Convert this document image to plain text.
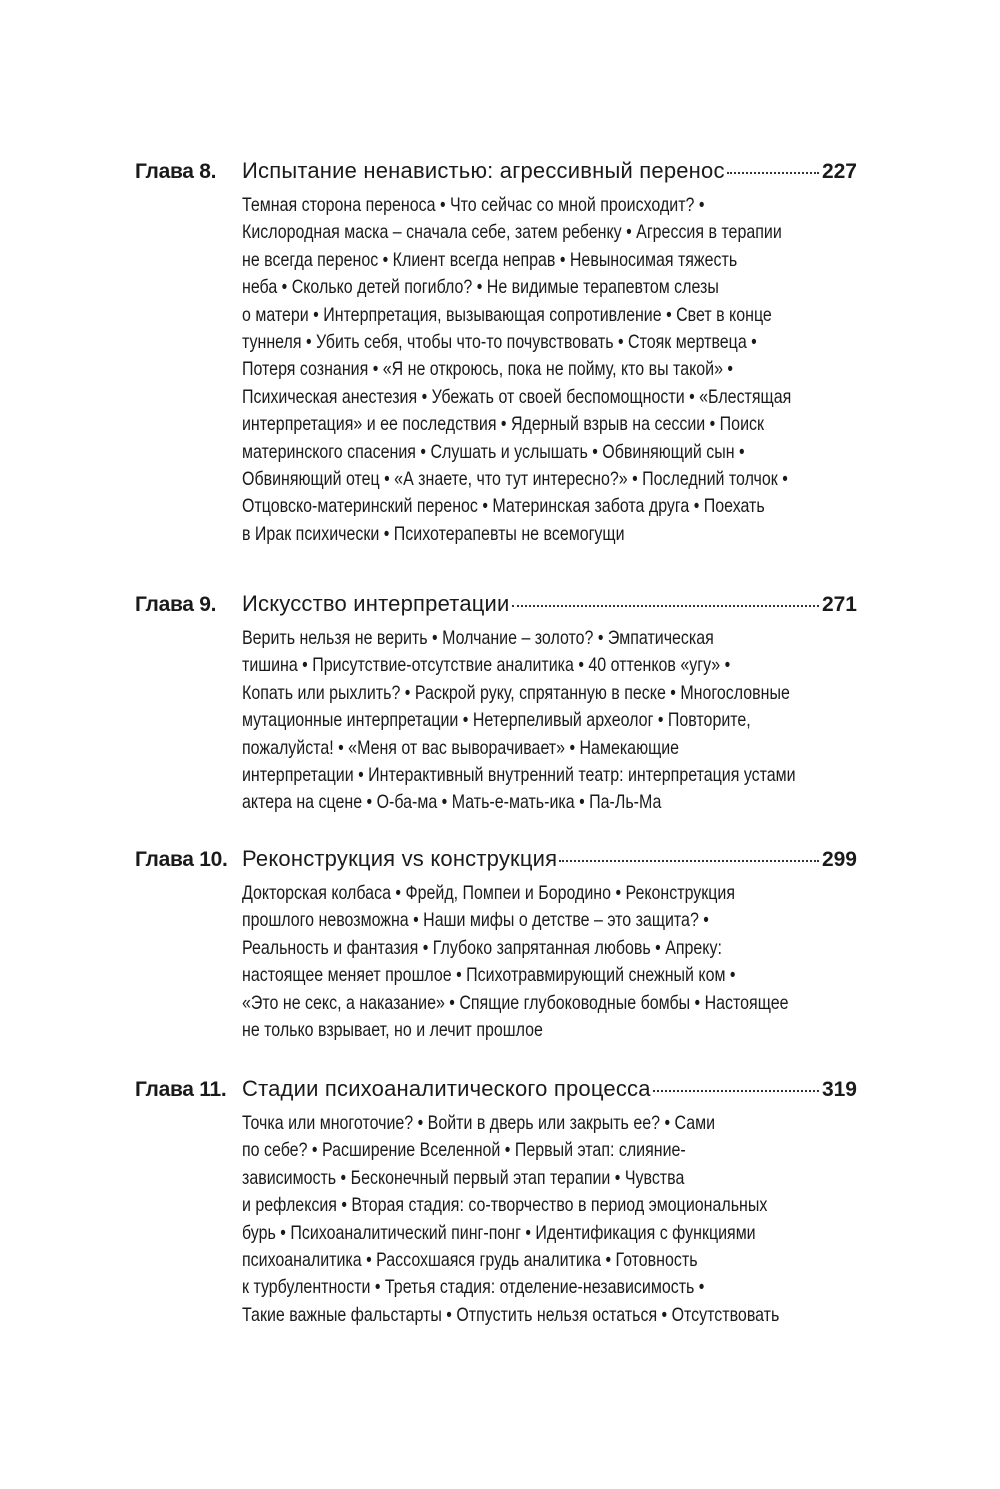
Глава 8.	Испытание ненавистью: агрессивный перенос	227
Темная сторона переноса • Что сейчас со мной происходит? •
Кислородная маска – сначала себе, затем ребенку • Агрессия в терапии
не всегда перенос • Клиент всегда неправ • Невыносимая тяжесть
неба • Сколько детей погибло? • Не видимые терапевтом слезы
о матери • Интерпретация, вызывающая сопротивление • Свет в конце
туннеля • Убить себя, чтобы что-то почувствовать • Стояк мертвеца •
Потеря сознания • «Я не откроюсь, пока не пойму, кто вы такой» •
Психическая анестезия • Убежать от своей беспомощности • «Блестящая
интерпретация» и ее последствия • Ядерный взрыв на сессии • Поиск
материнского спасения • Слушать и услышать • Обвиняющий сын •
Обвиняющий отец • «А знаете, что тут интересно?» • Последний толчок •
Отцовско-материнский перенос • Материнская забота друга • Поехать
в Ирак психически • Психотерапевты не всемогущи
Глава 9.	Искусство интерпретации	271
Верить нельзя не верить • Молчание – золото? • Эмпатическая
тишина • Присутствие-отсутствие аналитика • 40 оттенков «угу» •
Копать или рыхлить? • Раскрой руку, спрятанную в песке • Многословные
мутационные интерпретации • Нетерпеливый археолог • Повторите,
пожалуйста! • «Меня от вас выворачивает» • Намекающие
интерпретации • Интерактивный внутренний театр: интерпретация устами
актера на сцене • О-ба-ма • Мать-е-мать-ика • Па-Ль-Ма
Глава 10. Реконструкция vs конструкция	299
Докторская колбаса • Фрейд, Помпеи и Бородино • Реконструкция
прошлого невозможна • Наши мифы о детстве – это защита? •
Реальность и фантазия • Глубоко запрятанная любовь • Апреку:
настоящее меняет прошлое • Психотравмирующий снежный ком •
«Это не секс, а наказание» • Спящие глубоководные бомбы • Настоящее
не только взрывает, но и лечит прошлое
Глава 11. Стадии психоаналитического процесса	319
Точка или многоточие? • Войти в дверь или закрыть ее? • Сами
по себе? • Расширение Вселенной • Первый этап: слияние-
зависимость • Бесконечный первый этап терапии • Чувства
и рефлексия • Вторая стадия: со-творчество в период эмоциональных
бурь • Психоаналитический пинг-понг • Идентификация с функциями
психоаналитика • Рассохшаяся грудь аналитика • Готовность
к турбулентности • Третья стадия: отделение-независимость •
Такие важные фальстарты • Отпустить нельзя остаться • Отсутствовать
